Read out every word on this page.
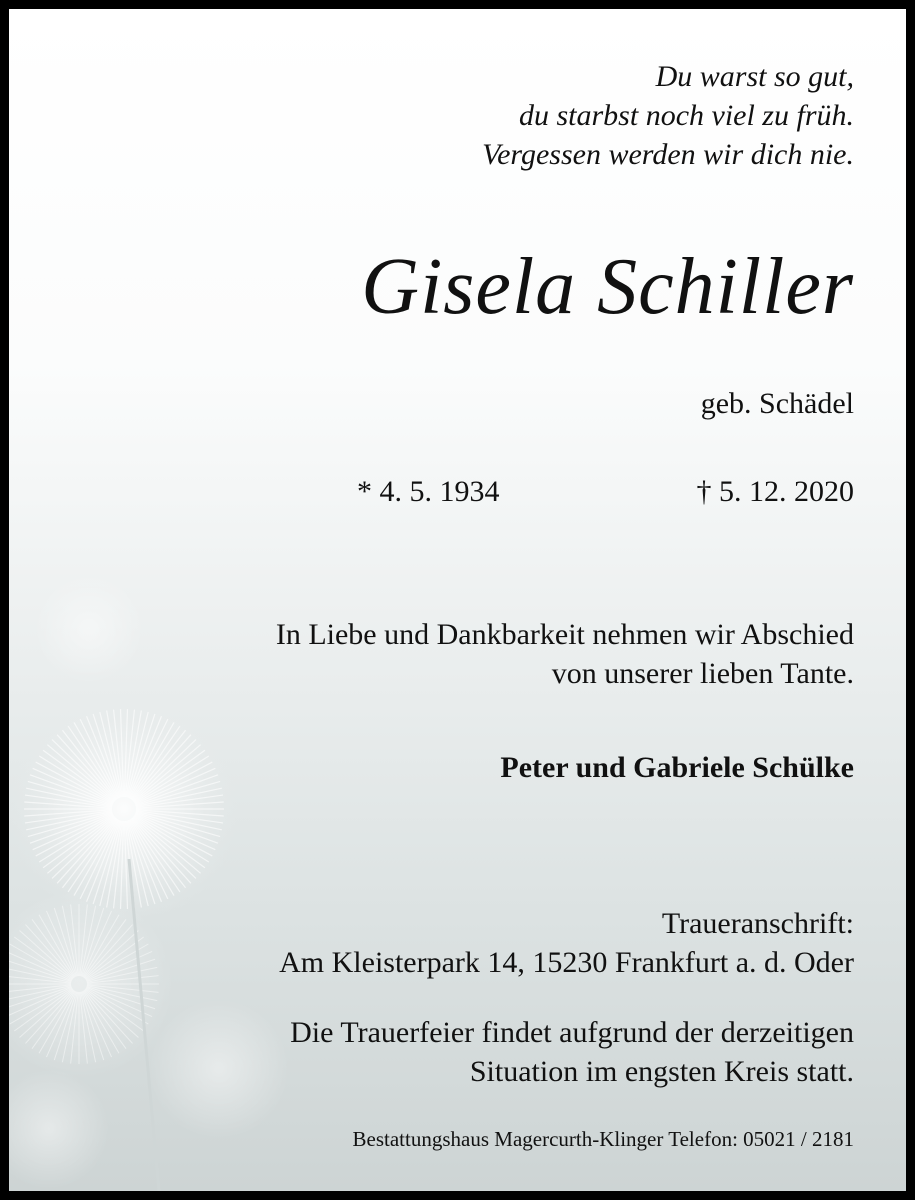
Du warst so gut,
du starbst noch viel zu früh.
Vergessen werden wir dich nie.

Gisela Schiller

geb. Schädel

* 4. 5. 1934	† 5. 12. 2020

In Liebe und Dankbarkeit nehmen wir Abschied
von unserer lieben Tante.

Peter und Gabriele Schülke

Traueranschrift:
Am Kleisterpark 14, 15230 Frankfurt a. d. Oder

Die Trauerfeier findet aufgrund der derzeitigen
Situation im engsten Kreis statt.

Bestattungshaus Magercurth-Klinger Telefon: 05021 / 2181
